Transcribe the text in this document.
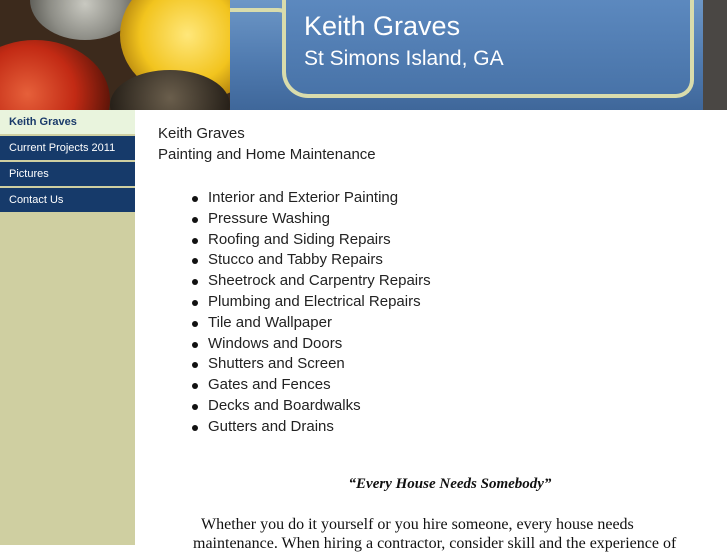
Keith Graves
St Simons Island, GA
Keith Graves
Current Projects 2011
Pictures
Contact Us
Keith Graves
Painting and Home Maintenance
Interior and Exterior Painting
Pressure Washing
Roofing and Siding Repairs
Stucco and Tabby Repairs
Sheetrock and Carpentry Repairs
Plumbing and Electrical Repairs
Tile and Wallpaper
Windows and Doors
Shutters and Screen
Gates and Fences
Decks and Boardwalks
Gutters and Drains
“Every House Needs Somebody”
Whether you do it yourself or you hire someone, every house needs maintenance. When hiring a contractor, consider skill and the experience of
